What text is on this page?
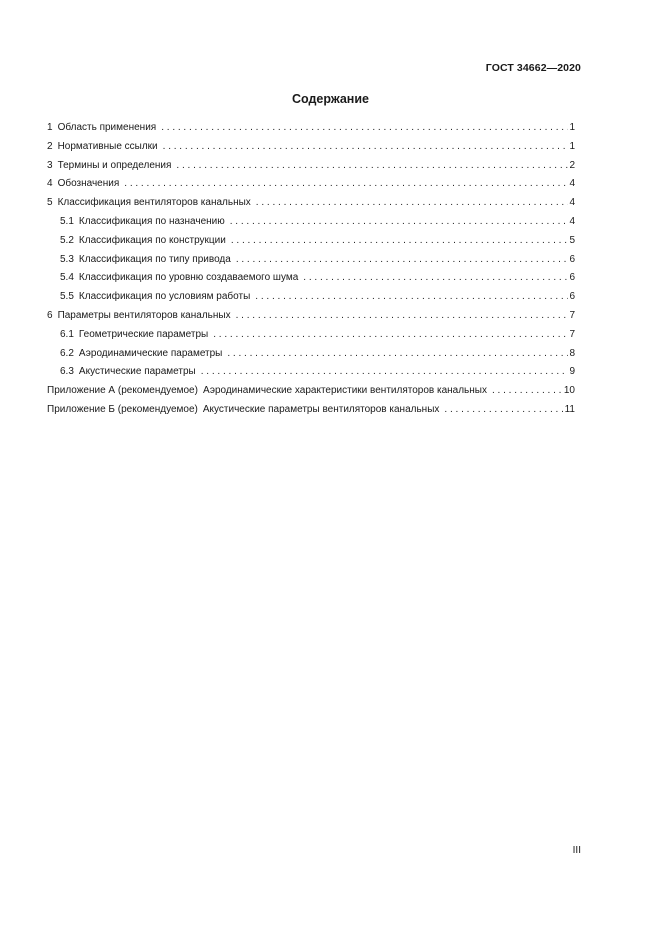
ГОСТ 34662—2020
Содержание
1 Область применения . . .	1
2 Нормативные ссылки . . .	1
3 Термины и определения . . .	2
4 Обозначения . . .	4
5 Классификация вентиляторов канальных . . .	4
5.1 Классификация по назначению . . .	4
5.2 Классификация по конструкции . . .	5
5.3 Классификация по типу привода . . .	6
5.4 Классификация по уровню создаваемого шума . . .	6
5.5 Классификация по условиям работы . . .	6
6 Параметры вентиляторов канальных . . .	7
6.1 Геометрические параметры . . .	7
6.2 Аэродинамические параметры . . .	8
6.3 Акустические параметры . . .	9
Приложение А (рекомендуемое) Аэродинамические характеристики вентиляторов канальных . . .	10
Приложение Б (рекомендуемое) Акустические параметры вентиляторов канальных . . .	11
III
